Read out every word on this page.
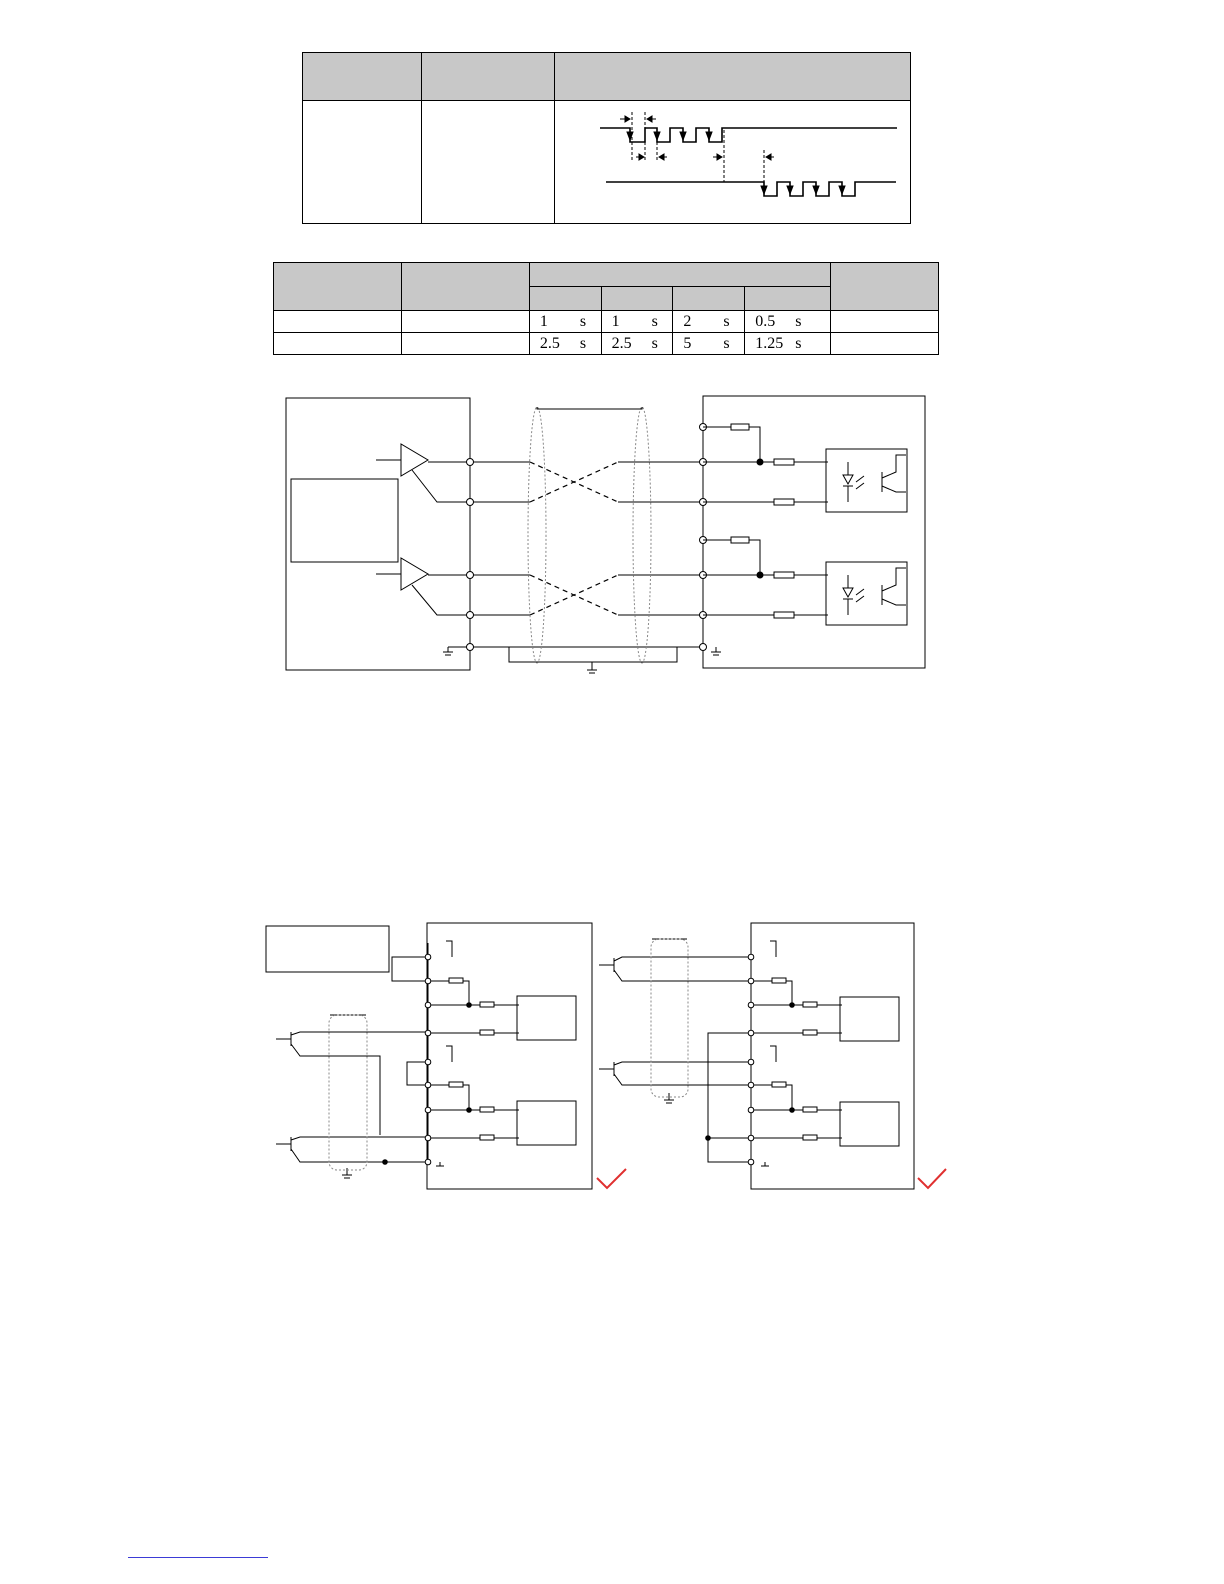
		1 s	1 s	2 s	0.5 s	
		2.5 s	2.5 s	5 s	1.25 s	
